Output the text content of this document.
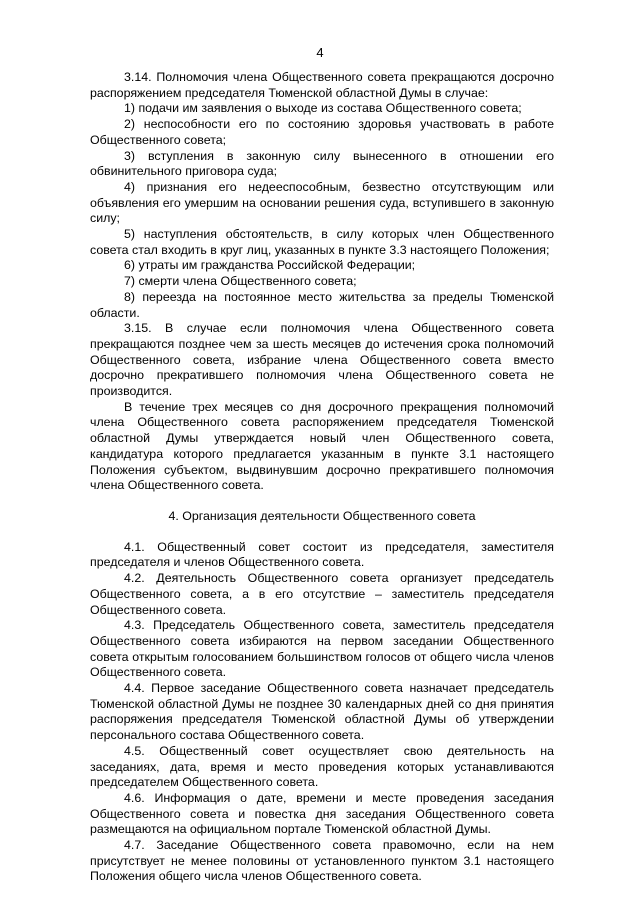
4

3.14. Полномочия члена Общественного совета прекращаются досрочно распоряжением председателя Тюменской областной Думы в случае:

1) подачи им заявления о выходе из состава Общественного совета;

2) неспособности его по состоянию здоровья участвовать в работе Общественного совета;

3) вступления в законную силу вынесенного в отношении его обвинительного приговора суда;

4) признания его недееспособным, безвестно отсутствующим или объявления его умершим на основании решения суда, вступившего в законную силу;

5) наступления обстоятельств, в силу которых член Общественного совета стал входить в круг лиц, указанных в пункте 3.3 настоящего Положения;

6) утраты им гражданства Российской Федерации;

7) смерти члена Общественного совета;

8) переезда на постоянное место жительства за пределы Тюменской области.

3.15. В случае если полномочия члена Общественного совета прекращаются позднее чем за шесть месяцев до истечения срока полномочий Общественного совета, избрание члена Общественного совета вместо досрочно прекратившего полномочия члена Общественного совета не производится.

В течение трех месяцев со дня досрочного прекращения полномочий члена Общественного совета распоряжением председателя Тюменской областной Думы утверждается новый член Общественного совета, кандидатура которого предлагается указанным в пункте 3.1 настоящего Положения субъектом, выдвинувшим досрочно прекратившего полномочия члена Общественного совета.

4. Организация деятельности Общественного совета

4.1. Общественный совет состоит из председателя, заместителя председателя и членов Общественного совета.

4.2. Деятельность Общественного совета организует председатель Общественного совета, а в его отсутствие – заместитель председателя Общественного совета.

4.3. Председатель Общественного совета, заместитель председателя Общественного совета избираются на первом заседании Общественного совета открытым голосованием большинством голосов от общего числа членов Общественного совета.

4.4. Первое заседание Общественного совета назначает председатель Тюменской областной Думы не позднее 30 календарных дней со дня принятия распоряжения председателя Тюменской областной Думы об утверждении персонального состава Общественного совета.

4.5. Общественный совет осуществляет свою деятельность на заседаниях, дата, время и место проведения которых устанавливаются председателем Общественного совета.

4.6. Информация о дате, времени и месте проведения заседания Общественного совета и повестка дня заседания Общественного совета размещаются на официальном портале Тюменской областной Думы.

4.7. Заседание Общественного совета правомочно, если на нем присутствует не менее половины от установленного пунктом 3.1 настоящего Положения общего числа членов Общественного совета.
